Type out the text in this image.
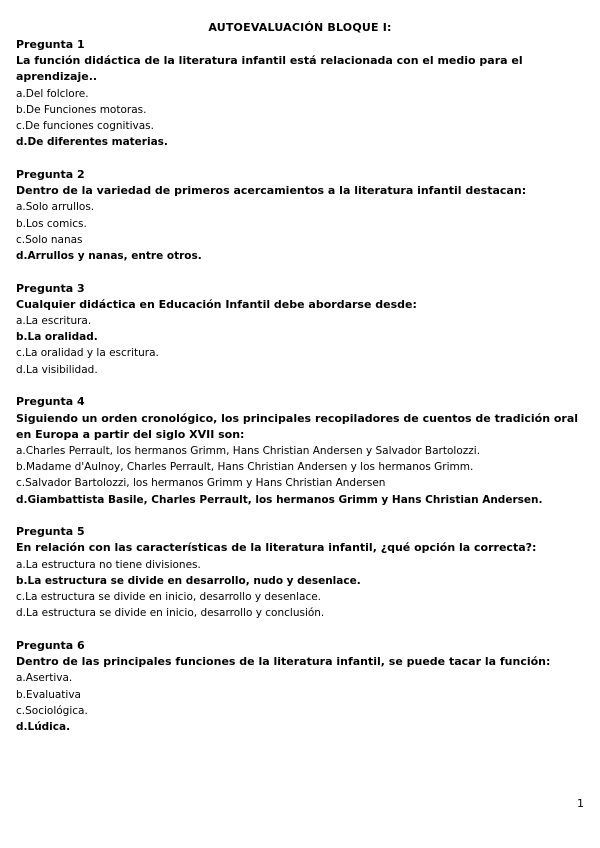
AUTOEVALUACIÓN BLOQUE I:
Pregunta 1
La función didáctica de la literatura infantil está relacionada con el medio para el aprendizaje..
a.Del folclore.
b.De Funciones motoras.
c.De funciones cognitivas.
d.De diferentes materias.
Pregunta 2
Dentro de la variedad de primeros acercamientos a la literatura infantil destacan:
a.Solo arrullos.
b.Los comics.
c.Solo nanas
d.Arrullos y nanas, entre otros.
Pregunta 3
Cualquier didáctica en Educación Infantil debe abordarse desde:
a.La escritura.
b.La oralidad.
c.La oralidad y la escritura.
d.La visibilidad.
Pregunta 4
Siguiendo un orden cronológico, los principales recopiladores de cuentos de tradición oral en Europa a partir del siglo XVII son:
a.Charles Perrault, los hermanos Grimm, Hans Christian Andersen y Salvador Bartolozzi.
b.Madame d'Aulnoy, Charles Perrault, Hans Christian Andersen y los hermanos Grimm.
c.Salvador Bartolozzi, los hermanos Grimm y Hans Christian Andersen
d.Giambattista Basile, Charles Perrault, los hermanos Grimm y Hans Christian Andersen.
Pregunta 5
En relación con las características de la literatura infantil, ¿qué opción la correcta?:
a.La estructura no tiene divisiones.
b.La estructura se divide en desarrollo, nudo y desenlace.
c.La estructura se divide en inicio, desarrollo y desenlace.
d.La estructura se divide en inicio, desarrollo y conclusión.
Pregunta 6
Dentro de las principales funciones de la literatura infantil, se puede tacar la función:
a.Asertiva.
b.Evaluativa
c.Sociológica.
d.Lúdica.
1
